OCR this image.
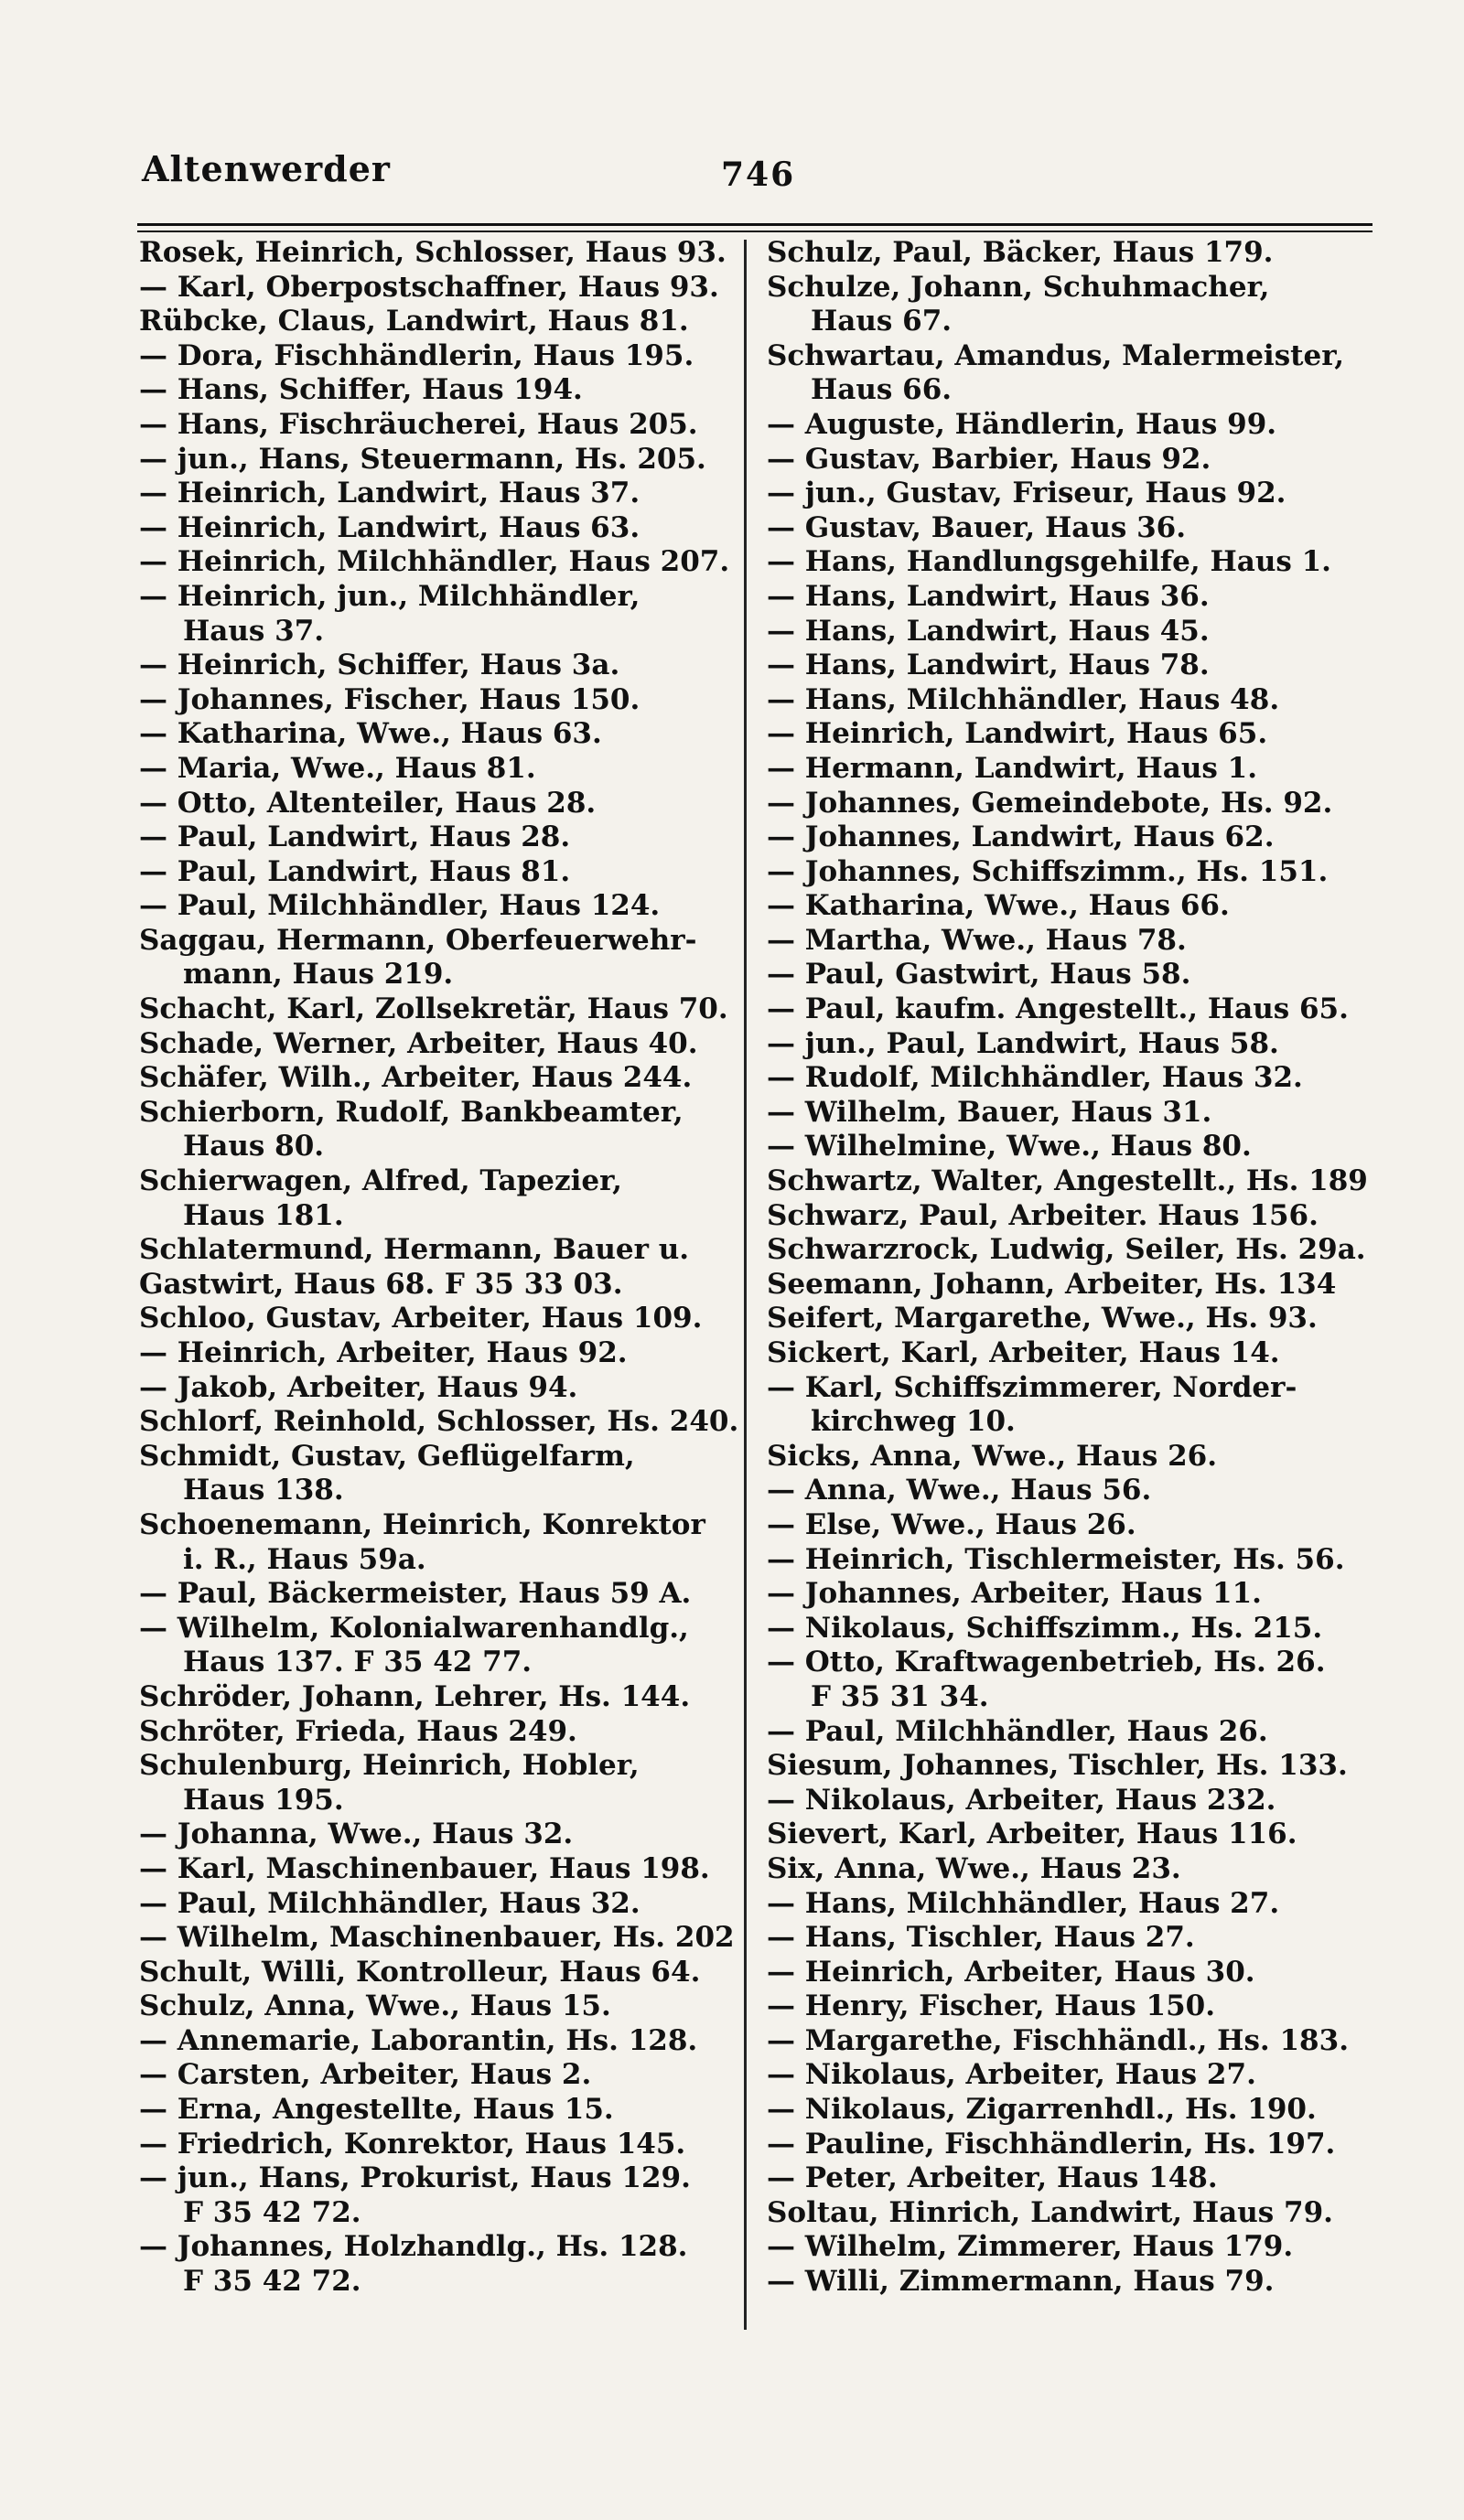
Altenwerder	746
Rosek, Heinrich, Schlosser, Haus 93.
— Karl, Oberpostschaffner, Haus 93.
Rübcke, Claus, Landwirt, Haus 81.
— Dora, Fischhändlerin, Haus 195.
— Hans, Schiffer, Haus 194.
— Hans, Fischräucherei, Haus 205.
— jun., Hans, Steuermann, Hs. 205.
— Heinrich, Landwirt, Haus 37.
— Heinrich, Landwirt, Haus 63.
— Heinrich, Milchhändler, Haus 207.
— Heinrich, jun., Milchhändler,
Haus 37.
— Heinrich, Schiffer, Haus 3a.
— Johannes, Fischer, Haus 150.
— Katharina, Wwe., Haus 63.
— Maria, Wwe., Haus 81.
— Otto, Altenteiler, Haus 28.
— Paul, Landwirt, Haus 28.
— Paul, Landwirt, Haus 81.
— Paul, Milchhändler, Haus 124.
Saggau, Hermann, Oberfeuerwehr-
mann, Haus 219.
Schacht, Karl, Zollsekretär, Haus 70.
Schade, Werner, Arbeiter, Haus 40.
Schäfer, Wilh., Arbeiter, Haus 244.
Schierborn, Rudolf, Bankbeamter,
Haus 80.
Schierwagen, Alfred, Tapezier,
Haus 181.
Schlatermund, Hermann, Bauer u.
Gastwirt, Haus 68. F 35 33 03.
Schloo, Gustav, Arbeiter, Haus 109.
— Heinrich, Arbeiter, Haus 92.
— Jakob, Arbeiter, Haus 94.
Schlorf, Reinhold, Schlosser, Hs. 240.
Schmidt, Gustav, Geflügelfarm,
Haus 138.
Schoenemann, Heinrich, Konrektor
i. R., Haus 59a.
— Paul, Bäckermeister, Haus 59 A.
— Wilhelm, Kolonialwarenhandlg.,
Haus 137. F 35 42 77.
Schröder, Johann, Lehrer, Hs. 144.
Schröter, Frieda, Haus 249.
Schulenburg, Heinrich, Hobler,
Haus 195.
— Johanna, Wwe., Haus 32.
— Karl, Maschinenbauer, Haus 198.
— Paul, Milchhändler, Haus 32.
— Wilhelm, Maschinenbauer, Hs. 202
Schult, Willi, Kontrolleur, Haus 64.
Schulz, Anna, Wwe., Haus 15.
— Annemarie, Laborantin, Hs. 128.
— Carsten, Arbeiter, Haus 2.
— Erna, Angestellte, Haus 15.
— Friedrich, Konrektor, Haus 145.
— jun., Hans, Prokurist, Haus 129.
F 35 42 72.
— Johannes, Holzhandlg., Hs. 128.
F 35 42 72.
Schulz, Paul, Bäcker, Haus 179.
Schulze, Johann, Schuhmacher,
Haus 67.
Schwartau, Amandus, Malermeister,
Haus 66.
— Auguste, Händlerin, Haus 99.
— Gustav, Barbier, Haus 92.
— jun., Gustav, Friseur, Haus 92.
— Gustav, Bauer, Haus 36.
— Hans, Handlungsgehilfe, Haus 1.
— Hans, Landwirt, Haus 36.
— Hans, Landwirt, Haus 45.
— Hans, Landwirt, Haus 78.
— Hans, Milchhändler, Haus 48.
— Heinrich, Landwirt, Haus 65.
— Hermann, Landwirt, Haus 1.
— Johannes, Gemeindebote, Hs. 92.
— Johannes, Landwirt, Haus 62.
— Johannes, Schiffszimm., Hs. 151.
— Katharina, Wwe., Haus 66.
— Martha, Wwe., Haus 78.
— Paul, Gastwirt, Haus 58.
— Paul, kaufm. Angestellt., Haus 65.
— jun., Paul, Landwirt, Haus 58.
— Rudolf, Milchhändler, Haus 32.
— Wilhelm, Bauer, Haus 31.
— Wilhelmine, Wwe., Haus 80.
Schwartz, Walter, Angestellt., Hs. 189
Schwarz, Paul, Arbeiter. Haus 156.
Schwarzrock, Ludwig, Seiler, Hs. 29a.
Seemann, Johann, Arbeiter, Hs. 134
Seifert, Margarethe, Wwe., Hs. 93.
Sickert, Karl, Arbeiter, Haus 14.
— Karl, Schiffszimmerer, Norder-
kirchweg 10.
Sicks, Anna, Wwe., Haus 26.
— Anna, Wwe., Haus 56.
— Else, Wwe., Haus 26.
— Heinrich, Tischlermeister, Hs. 56.
— Johannes, Arbeiter, Haus 11.
— Nikolaus, Schiffszimm., Hs. 215.
— Otto, Kraftwagenbetrieb, Hs. 26.
F 35 31 34.
— Paul, Milchhändler, Haus 26.
Siesum, Johannes, Tischler, Hs. 133.
— Nikolaus, Arbeiter, Haus 232.
Sievert, Karl, Arbeiter, Haus 116.
Six, Anna, Wwe., Haus 23.
— Hans, Milchhändler, Haus 27.
— Hans, Tischler, Haus 27.
— Heinrich, Arbeiter, Haus 30.
— Henry, Fischer, Haus 150.
— Margarethe, Fischhändl., Hs. 183.
— Nikolaus, Arbeiter, Haus 27.
— Nikolaus, Zigarrenhdl., Hs. 190.
— Pauline, Fischhändlerin, Hs. 197.
— Peter, Arbeiter, Haus 148.
Soltau, Hinrich, Landwirt, Haus 79.
— Wilhelm, Zimmerer, Haus 179.
— Willi, Zimmermann, Haus 79.
